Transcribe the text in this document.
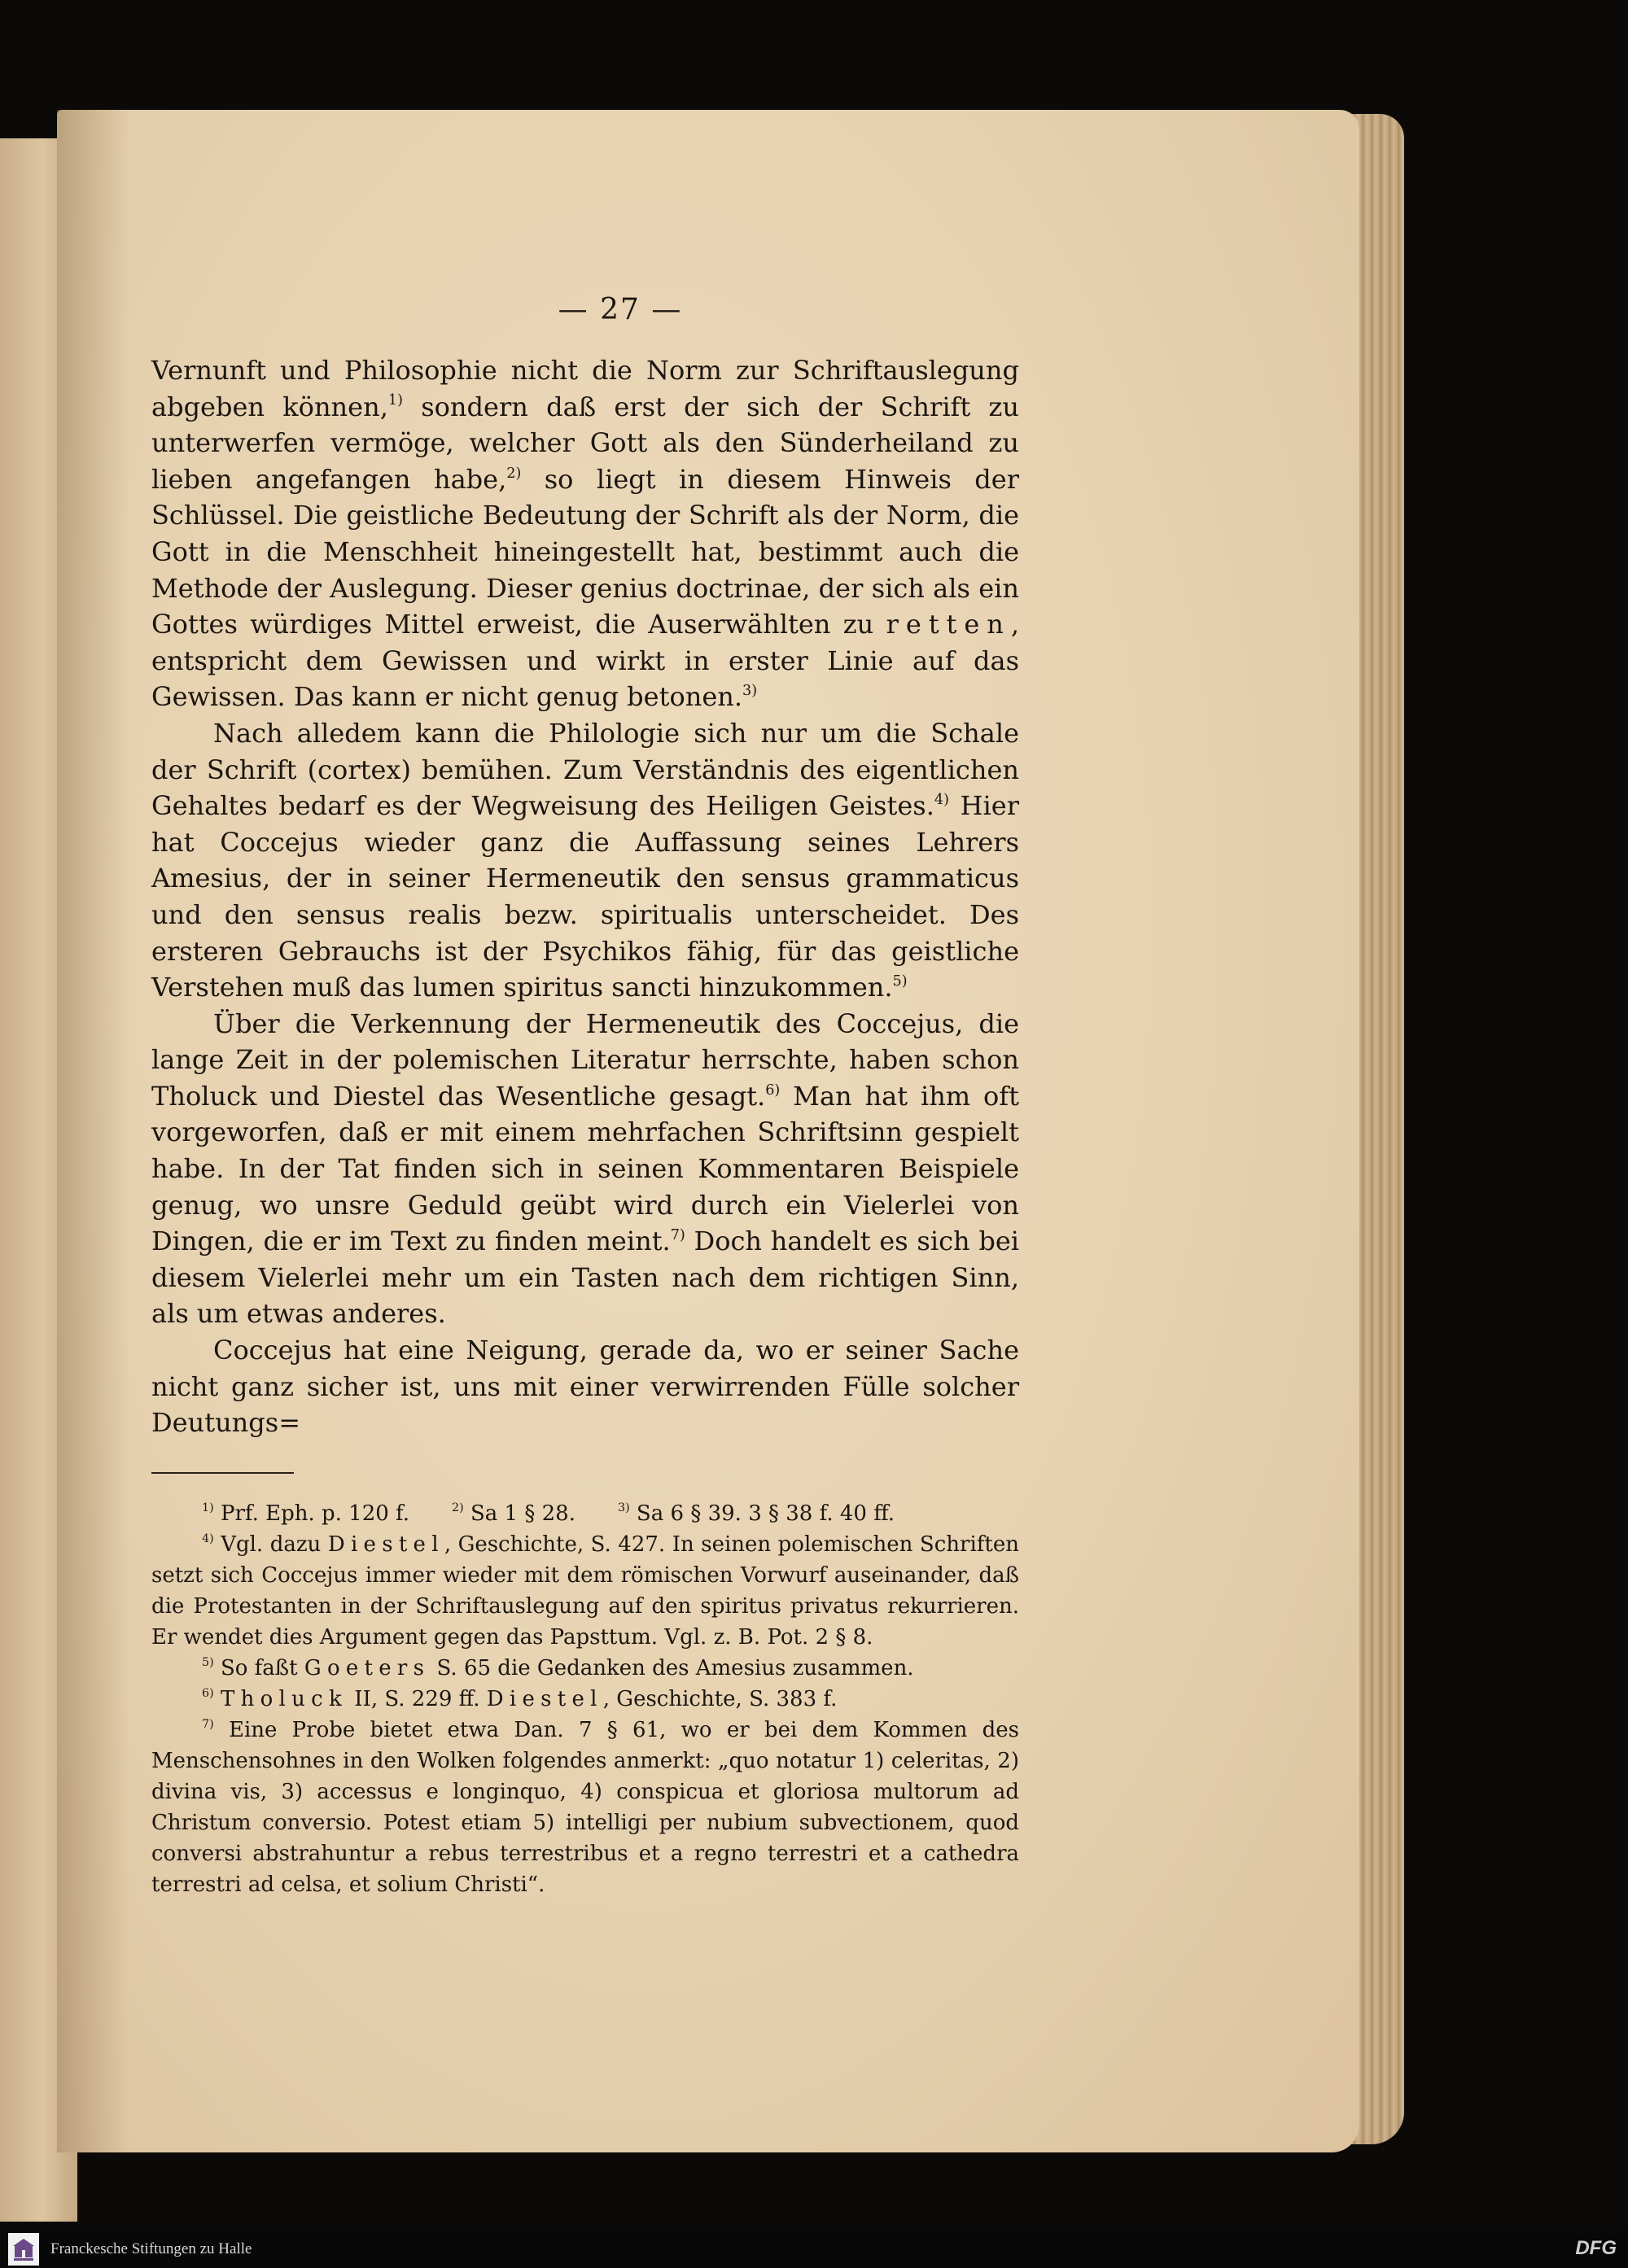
— 27 —

Vernunft und Philosophie nicht die Norm zur Schriftauslegung abgeben können,$^{1)}$ sondern daß erst der sich der Schrift zu unterwerfen vermöge, welcher Gott als den Sünderheiland zu lieben angefangen habe,$^{2)}$ so liegt in diesem Hinweis der Schlüssel. Die geistliche Bedeutung der Schrift als der Norm, die Gott in die Menschheit hineingestellt hat, bestimmt auch die Methode der Auslegung. Dieser genius doctrinae, der sich als ein Gottes würdiges Mittel erweist, die Auserwählten zu retten, entspricht dem Gewissen und wirkt in erster Linie auf das Gewissen. Das kann er nicht genug betonen.$^{3)}$

Nach alledem kann die Philologie sich nur um die Schale der Schrift (cortex) bemühen. Zum Verständnis des eigentlichen Gehaltes bedarf es der Wegweisung des Heiligen Geistes.$^{4)}$ Hier hat Coccejus wieder ganz die Auffassung seines Lehrers Amesius, der in seiner Hermeneutik den sensus grammaticus und den sensus realis bezw. spiritualis unterscheidet. Des ersteren Gebrauchs ist der Psychikos fähig, für das geistliche Verstehen muß das lumen spiritus sancti hinzukommen.$^{5)}$

Über die Verkennung der Hermeneutik des Coccejus, die lange Zeit in der polemischen Literatur herrschte, haben schon Tholuck und Diestel das Wesentliche gesagt.$^{6)}$ Man hat ihm oft vorgeworfen, daß er mit einem mehrfachen Schriftsinn gespielt habe. In der Tat finden sich in seinen Kommentaren Beispiele genug, wo unsre Geduld geübt wird durch ein Vielerlei von Dingen, die er im Text zu finden meint.$^{7)}$ Doch handelt es sich bei diesem Vielerlei mehr um ein Tasten nach dem richtigen Sinn, als um etwas anderes.

Coccejus hat eine Neigung, gerade da, wo er seiner Sache nicht ganz sicher ist, uns mit einer verwirrenden Fülle solcher Deutungs=

$^{1)}$ Prf. Eph. p. 120 f.  	$^{2)}$ Sa 1 § 28.  	$^{3)}$ Sa 6 § 39. 3 § 38 f. 40 ff.

$^{4)}$ Vgl. dazu Diestel, Geschichte, S. 427. In seinen polemischen Schriften setzt sich Coccejus immer wieder mit dem römischen Vorwurf auseinander, daß die Protestanten in der Schriftauslegung auf den spiritus privatus rekurrieren. Er wendet dies Argument gegen das Papsttum. Vgl. z. B. Pot. 2 § 8.

$^{5)}$ So faßt Goeters S. 65 die Gedanken des Amesius zusammen.

$^{6)}$ Tholuck II, S. 229 ff. Diestel, Geschichte, S. 383 f.

$^{7)}$ Eine Probe bietet etwa Dan. 7 § 61, wo er bei dem Kommen des Menschensohnes in den Wolken folgendes anmerkt: „quo notatur 1) celeritas, 2) divina vis, 3) accessus e longinquo, 4) conspicua et gloriosa multorum ad Christum conversio. Potest etiam 5) intelligi per nubium subvectionem, quod conversi abstrahuntur a rebus terrestribus et a regno terrestri et a cathedra terrestri ad celsa, et solium Christi“.

Franckesche Stiftungen zu Halle	DFG
